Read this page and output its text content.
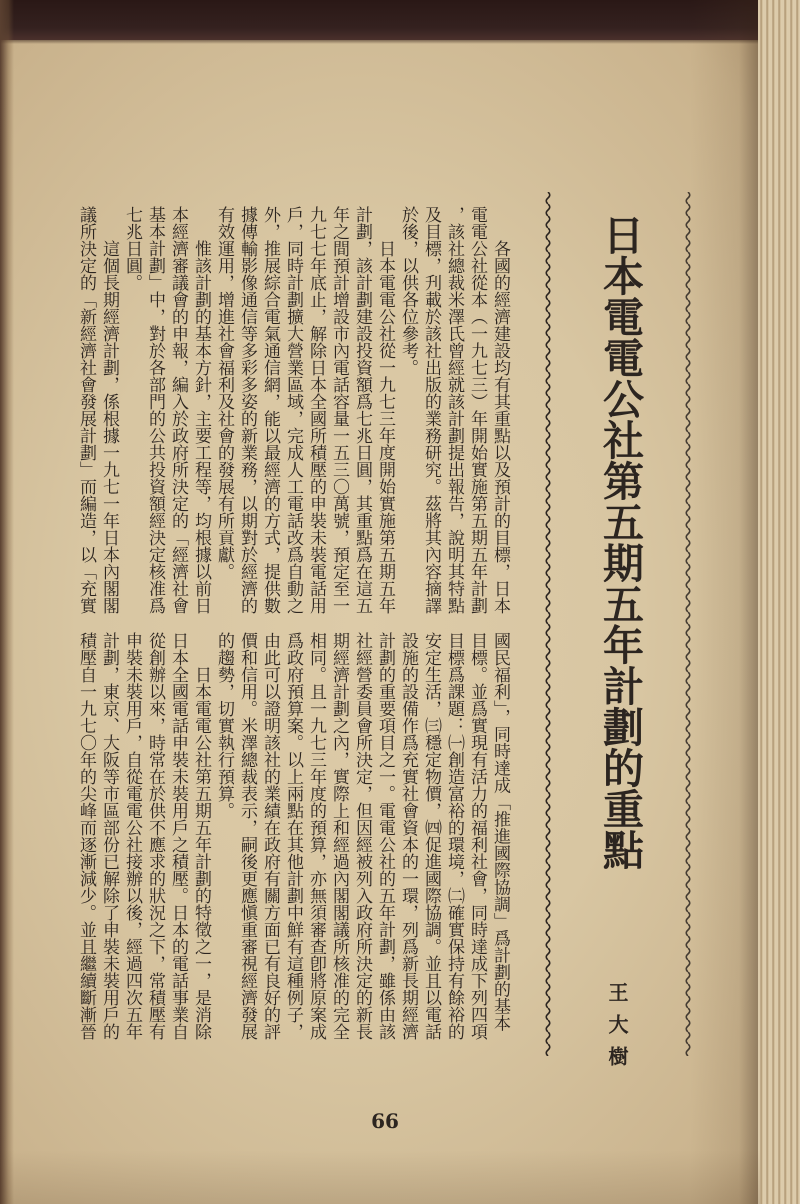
日本電電公社第五期五年計劃的重點
王大樹
各國的經濟建設均有其重點以及預計的目標，日本
電電公社從本（一九七三）年開始實施第五期五年計劃
，該社總裁米澤氏曾經就該計劃提出報告，說明其特點
及目標，刋載於該社出版的業務研究。茲將其內容摘譯
於後，以供各位參考。
日本電電公社從一九七三年度開始實施第五期五年
計劃，該計劃建設投資額爲七兆日圓，其重點爲在這五
年之間預計增設市內電話容量一五三〇萬號，預定至一
九七七年底止，解除日本全國所積壓的申裝未裝電話用
戶，同時計劃擴大營業區域，完成人工電話改爲自動之
外，推展綜合電氣通信網，能以最經濟的方式，提供數
據傳輸影像通信等多彩多姿的新業務，以期對於經濟的
有效運用，增進社會福利及社會的發展有所貢獻。
惟該計劃的基本方針，主要工程等，均根據以前日
本經濟審議會的申報，編入於政府所決定的「經濟社會
基本計劃」中，對於各部門的公共投資額經決定核准爲
七兆日圓。
這個長期經濟計劃，係根據一九七一年日本內閣閣
議所決定的「新經濟社會發展計劃」而編造，以「充實
國民福利」，同時達成「推進國際協調」爲計劃的基本
目標。並爲實現有活力的福利社會，同時達成下列四項
目標爲課題：㈠創造富裕的環境，㈡確實保持有餘裕的
安定生活，㈢穩定物價，㈣促進國際協調。並且以電話
設施的設備作爲充實社會資本的一環，列爲新長期經濟
計劃的重要項目之一。電電公社的五年計劃，雖係由該
社經營委員會所決定，但因經被列入政府所決定的新長
期經濟計劃之內，實際上和經過內閣閣議所核准的完全
相同。且一九七三年度的預算，亦無須審查卽將原案成
爲政府預算案。以上兩點在其他計劃中鮮有這種例子，
由此可以證明該社的業績在政府有關方面已有良好的評
價和信用。米澤總裁表示，嗣後更應愼重審視經濟發展
的趨勢，切實執行預算。
日本電電公社第五期五年計劃的特徵之一，是消除
日本全國電話申裝未裝用戶之積壓。日本的電話事業自
從創辦以來，時常在於供不應求的狀況之下，常積壓有
申裝未裝用戶，自從電電公社接辦以後，經過四次五年
計劃，東京、大阪等市區部份已解除了申裝未裝用戶的
積壓自一九七〇年的尖峰而逐漸減少。並且繼續斷漸晉
66
